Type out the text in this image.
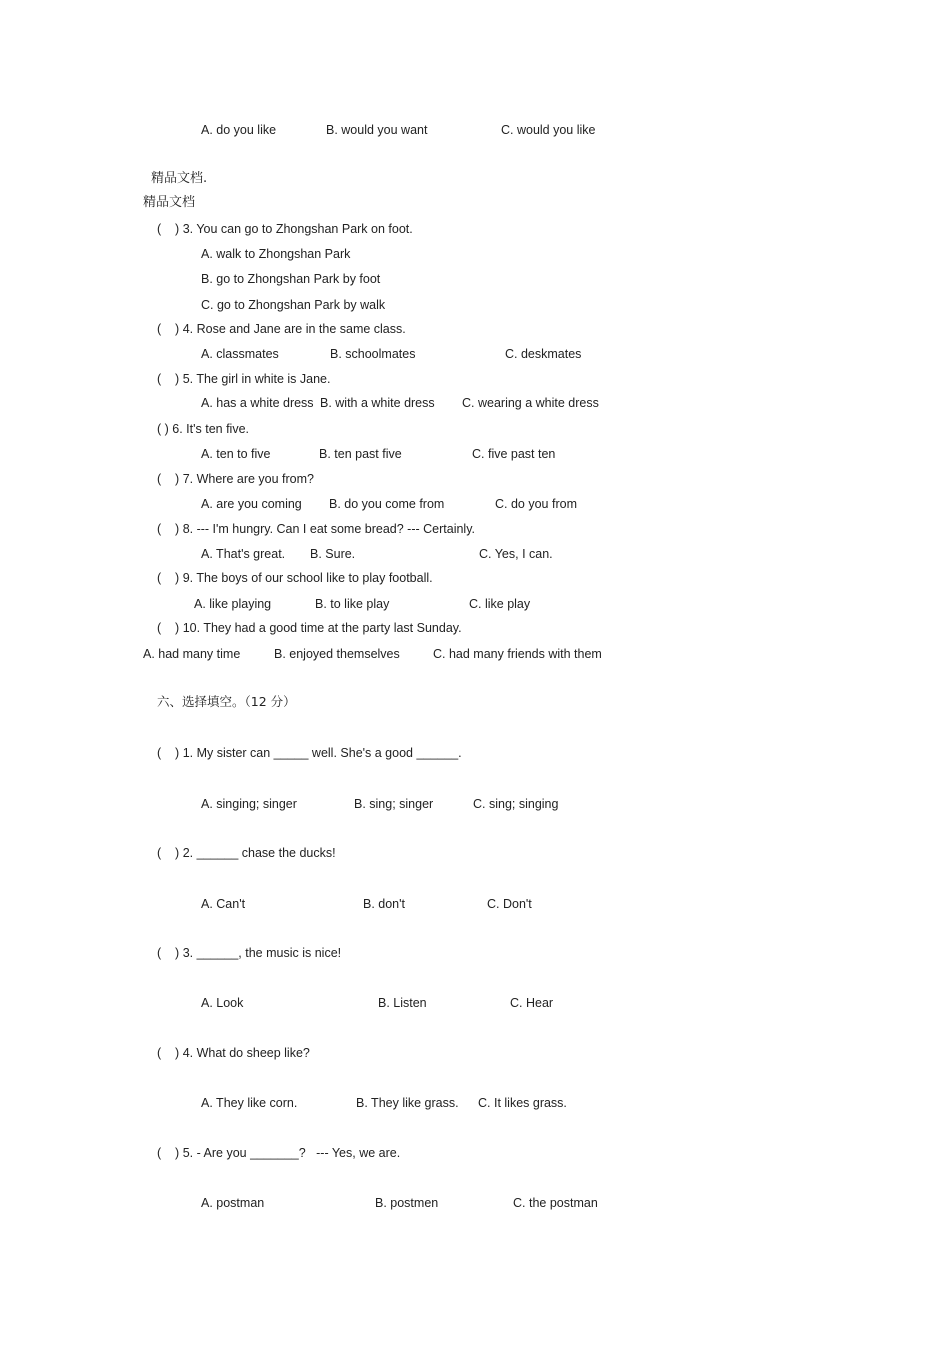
A. do you like	B. would you want	C. would you like
精品文档.
精品文档
(    ) 3. You can go to Zhongshan Park on foot.
A. walk to Zhongshan Park
B. go to Zhongshan Park by foot
C. go to Zhongshan Park by walk
(    ) 4. Rose and Jane are in the same class.
A. classmates	B. schoolmates	C. deskmates
(    ) 5. The girl in white is Jane.
A. has a white dress B. with a white dress C. wearing a white dress
( ) 6. It's ten five.
A. ten to five	B. ten past five	C. five past ten
(    ) 7. Where are you from?
A. are you coming B. do you come from	C. do you from
(    ) 8. --- I'm hungry. Can I eat some bread? --- Certainly.
A. That's great. B. Sure.	C. Yes, I can.
(    ) 9. The boys of our school like to play football.
A. like playing	B. to like play	C. like play
(    ) 10. They had a good time at the party last Sunday.
A. had many time	B. enjoyed themselves	C. had many friends with them
六、选择填空。（12 分）
(    ) 1. My sister can _____ well. She's a good ______.
A. singing; singer	B. sing; singer	C. sing; singing
(    ) 2. ______ chase the ducks!
A. Can't	B. don't	C. Don't
(    ) 3. ______, the music is nice!
A. Look	B. Listen	C. Hear
(    ) 4. What do sheep like?
A. They like corn.	B. They like grass. C. It likes grass.
(    ) 5. - Are you _______?   --- Yes, we are.
A. postman	B. postmen	C. the postman
